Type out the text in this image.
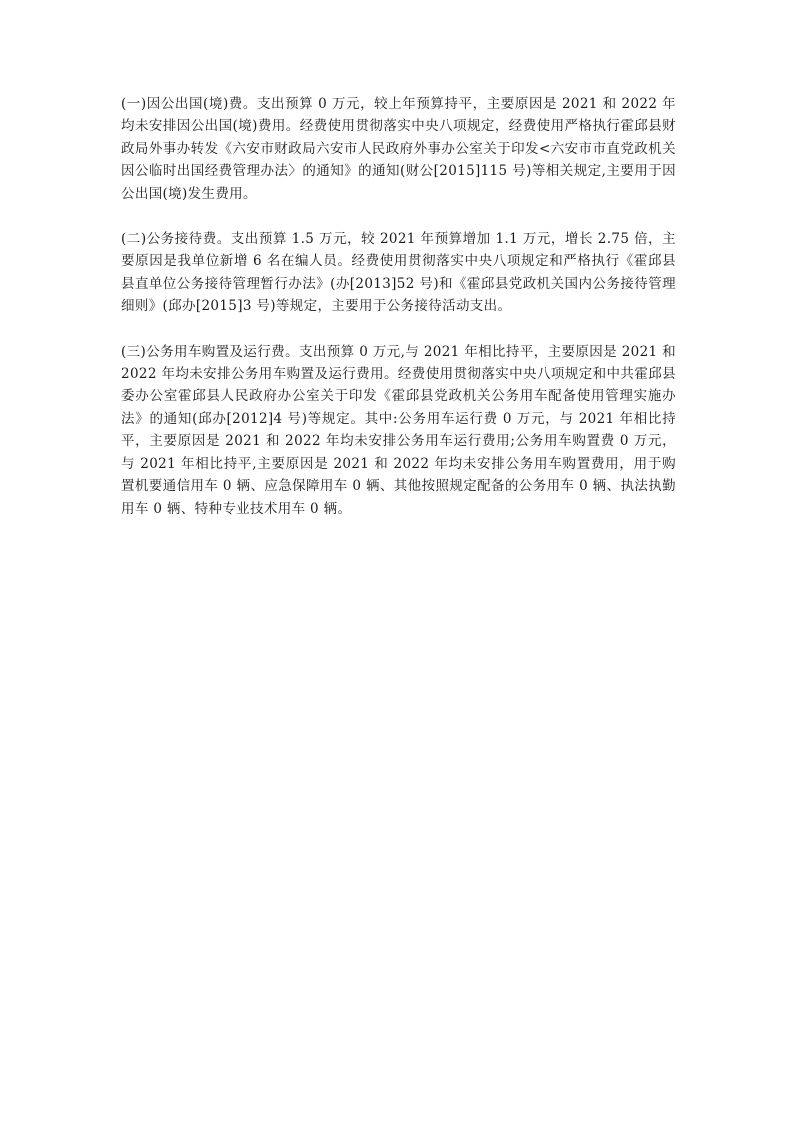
(一)因公出国(境)费。支出预算 0 万元，较上年预算持平，主要原因是 2021 和 2022 年均未安排因公出国(境)费用。经费使用贯彻落实中央八项规定，经费使用严格执行霍邱县财政局外事办转发《六安市财政局六安市人民政府外事办公室关于印发<六安市市直党政机关因公临时出国经费管理办法〉的通知》的通知(财公[2015]115 号)等相关规定,主要用于因公出国(境)发生费用。

(二)公务接待费。支出预算 1.5 万元，较 2021 年预算增加 1.1 万元，增长 2.75 倍，主要原因是我单位新增 6 名在编人员。经费使用贯彻落实中央八项规定和严格执行《霍邱县县直单位公务接待管理暂行办法》(办[2013]52 号)和《霍邱县党政机关国内公务接待管理细则》(邱办[2015]3 号)等规定，主要用于公务接待活动支出。

(三)公务用车购置及运行费。支出预算 0 万元,与 2021 年相比持平，主要原因是 2021 和 2022 年均未安排公务用车购置及运行费用。经费使用贯彻落实中央八项规定和中共霍邱县委办公室霍邱县人民政府办公室关于印发《霍邱县党政机关公务用车配备使用管理实施办法》的通知(邱办[2012]4 号)等规定。其中:公务用车运行费 0 万元，与 2021 年相比持平，主要原因是 2021 和 2022 年均未安排公务用车运行费用;公务用车购置费 0 万元，与 2021 年相比持平,主要原因是 2021 和 2022 年均未安排公务用车购置费用，用于购置机要通信用车 0 辆、应急保障用车 0 辆、其他按照规定配备的公务用车 0 辆、执法执勤用车 0 辆、特种专业技术用车 0 辆。
